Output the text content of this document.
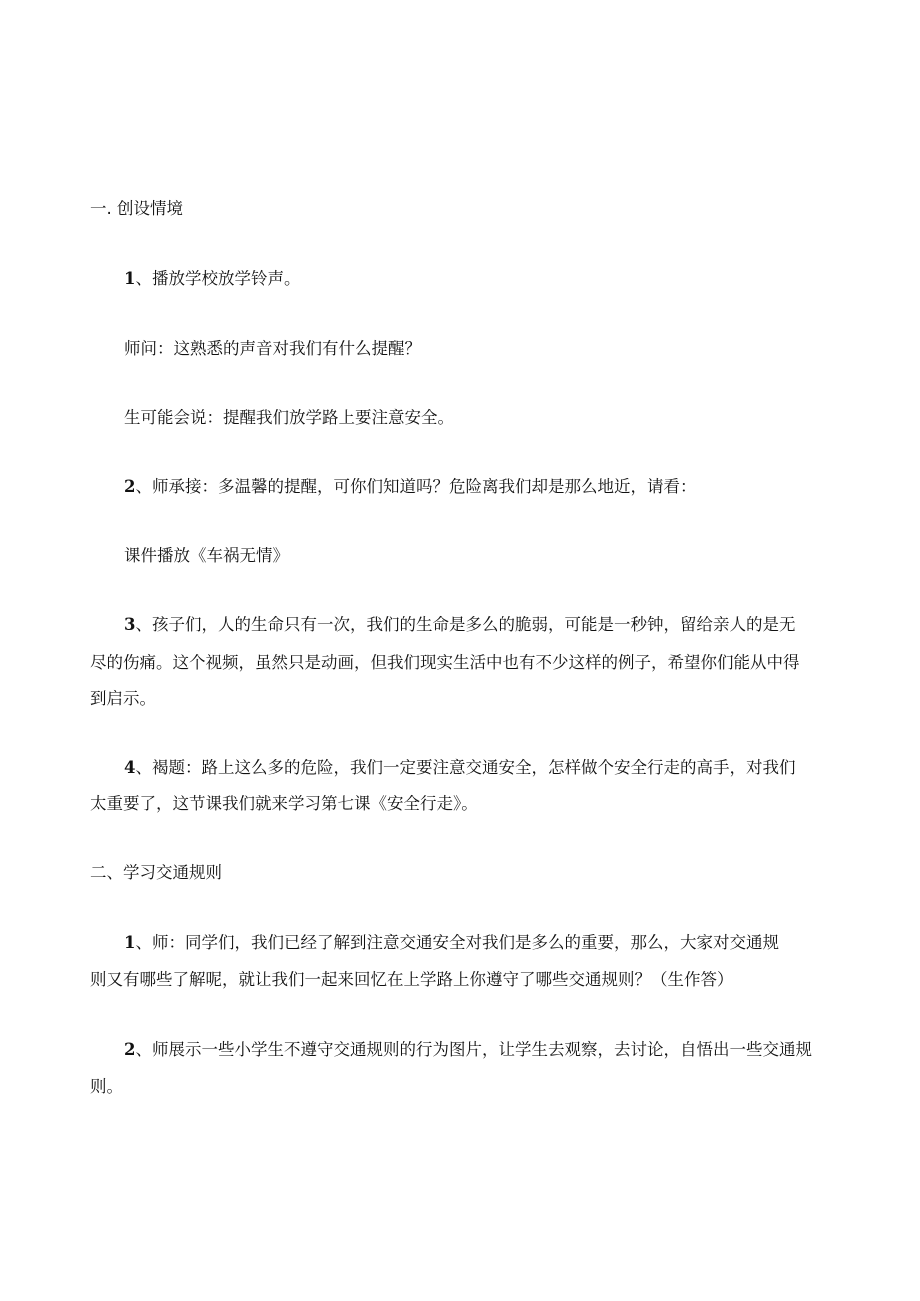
一. 创设情境

1、播放学校放学铃声。

师问：这熟悉的声音对我们有什么提醒？

生可能会说：提醒我们放学路上要注意安全。

2、师承接：多温馨的提醒，可你们知道吗？危险离我们却是那么地近，请看：

课件播放《车祸无情》

3、孩子们，人的生命只有一次，我们的生命是多么的脆弱，可能是一秒钟，留给亲人的是无

尽的伤痛。这个视频，虽然只是动画，但我们现实生活中也有不少这样的例子，希望你们能从中得

到启示。

4、褐题：路上这么多的危险，我们一定要注意交通安全，怎样做个安全行走的高手，对我们

太重要了，这节课我们就来学习第七课《安全行走》。

二、学习交通规则

1、师：同学们，我们已经了解到注意交通安全对我们是多么的重要，那么，大家对交通规

则又有哪些了解呢，就让我们一起来回忆在上学路上你遵守了哪些交通规则？（生作答）

2、师展示一些小学生不遵守交通规则的行为图片，让学生去观察，去讨论，自悟出一些交通规

则。
